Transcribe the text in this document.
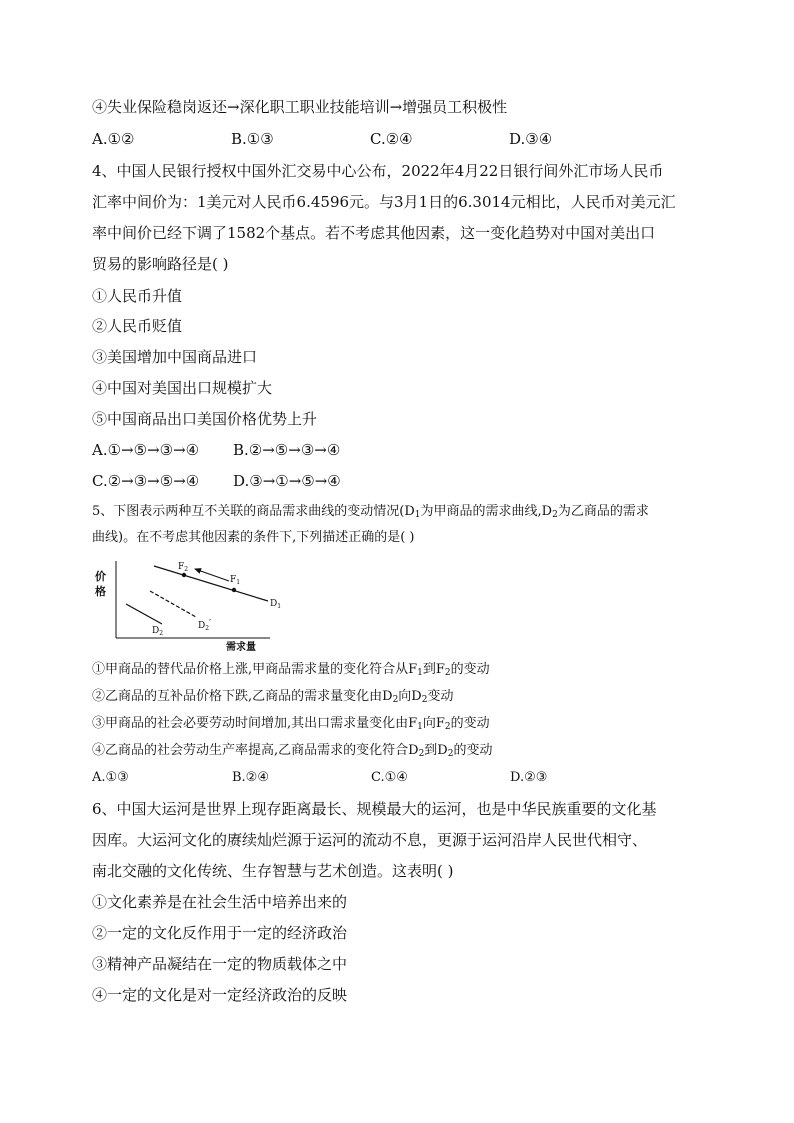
④失业保险稳岗返还→深化职工职业技能培训→增强员工积极性
A.①②	B.①③	C.②④	D.③④
4、中国人民银行授权中国外汇交易中心公布，2022年4月22日银行间外汇市场人民币
汇率中间价为：1美元对人民币6.4596元。与3月1日的6.3014元相比，人民币对美元汇
率中间价已经下调了1582个基点。若不考虑其他因素，这一变化趋势对中国对美出口
贸易的影响路径是( )
①人民币升值
②人民币贬值
③美国增加中国商品进口
④中国对美国出口规模扩大
⑤中国商品出口美国价格优势上升
A.①→⑤→③→④ B.②→⑤→③→④
C.②→③→⑤→④ D.③→①→⑤→④
5、下图表示两种互不关联的商品需求曲线的变动情况($D_1$为甲商品的需求曲线$,D_2$为乙商品的需求
曲线)。在不考虑其他因素的条件下,下列描述正确的是( )
价
格
需求量
$F_2$
$F_1$
$D_1$
$D_2$
$D_2'$
①甲商品的替代品价格上涨,甲商品需求量的变化符合从$F_1$到$F_2$的变动
②乙商品的互补品价格下跌,乙商品的需求量变化由$D_2$向$D_2$变动
③甲商品的社会必要劳动时间增加,其出口需求量变化由$F_1$向$F_2$的变动
④乙商品的社会劳动生产率提高,乙商品需求的变化符合$D_2$到$D_2$的变动
A.①③	B.②④	C.①④	D.②③
6、中国大运河是世界上现存距离最长、规模最大的运河，也是中华民族重要的文化基
因库。大运河文化的赓续灿烂源于运河的流动不息，更源于运河沿岸人民世代相守、
南北交融的文化传统、生存智慧与艺术创造。这表明( )
①文化素养是在社会生活中培养出来的
②一定的文化反作用于一定的经济政治
③精神产品凝结在一定的物质载体之中
④一定的文化是对一定经济政治的反映
